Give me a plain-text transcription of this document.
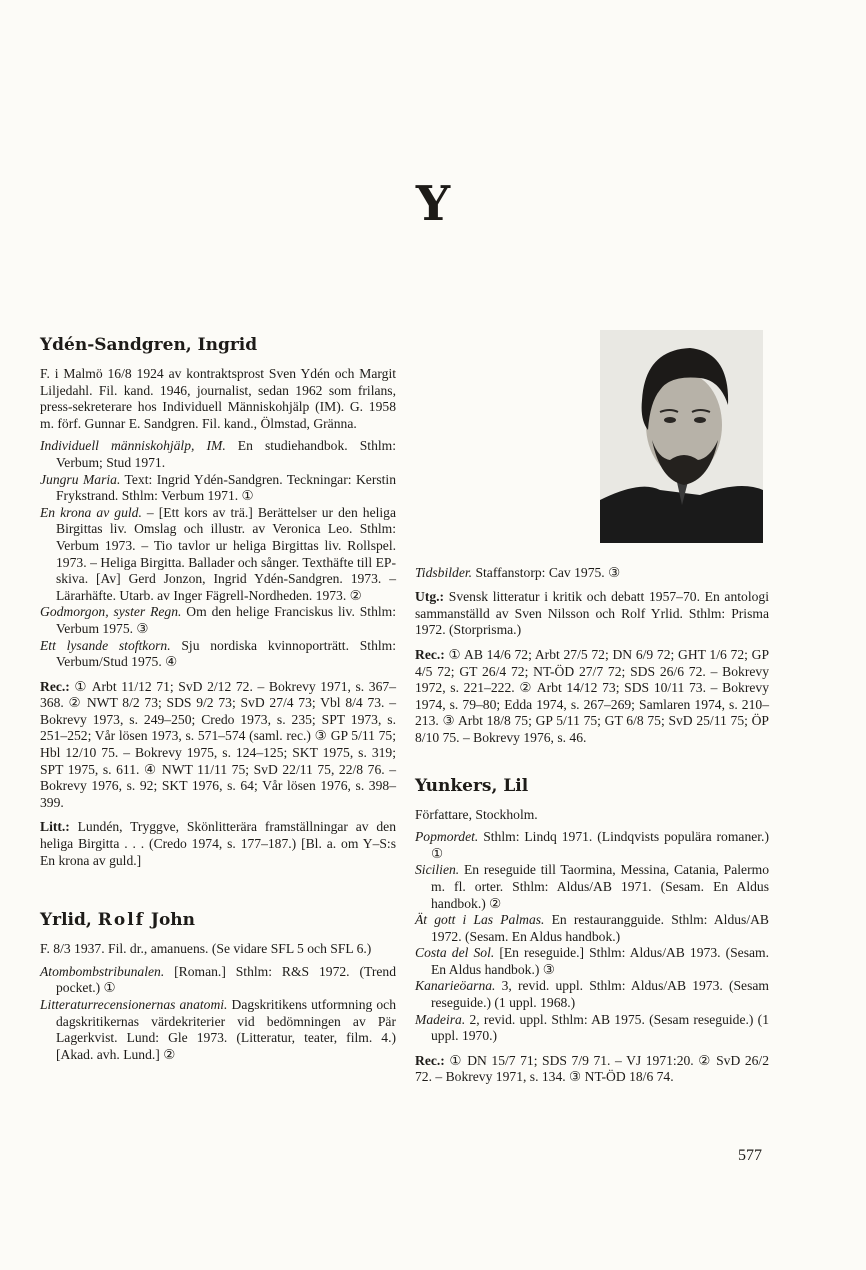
Y
Ydén-Sandgren, Ingrid

F. i Malmö 16/8 1924 av kontraktsprost Sven Ydén och Margit Liljedahl. Fil. kand. 1946, journalist, sedan 1962 som frilans, press-sekreterare hos Individuell Människohjälp (IM). G. 1958 m. förf. Gunnar E. Sandgren. Fil. kand., Ölmstad, Gränna.

Individuell människohjälp, IM. En studiehandbok. Sthlm: Verbum; Stud 1971.

Jungru Maria. Text: Ingrid Ydén-Sandgren. Teckningar: Kerstin Frykstrand. Sthlm: Verbum 1971. ①

En krona av guld. – [Ett kors av trä.] Berättelser ur den heliga Birgittas liv. Omslag och illustr. av Veronica Leo. Sthlm: Verbum 1973. – Tio tavlor ur heliga Birgittas liv. Rollspel. 1973. – Heliga Birgitta. Ballader och sånger. Texthäfte till EP-skiva. [Av] Gerd Jonzon, Ingrid Ydén-Sandgren. 1973. – Lärarhäfte. Utarb. av Inger Fägrell-Nordheden. 1973. ②

Godmorgon, syster Regn. Om den helige Franciskus liv. Sthlm: Verbum 1975. ③

Ett lysande stoftkorn. Sju nordiska kvinnoporträtt. Sthlm: Verbum/Stud 1975. ④

Rec.: ① Arbt 11/12 71; SvD 2/12 72. – Bokrevy 1971, s. 367–368. ② NWT 8/2 73; SDS 9/2 73; SvD 27/4 73; Vbl 8/4 73. – Bokrevy 1973, s. 249–250; Credo 1973, s. 235; SPT 1973, s. 251–252; Vår lösen 1973, s. 571–574 (saml. rec.) ③ GP 5/11 75; Hbl 12/10 75. – Bokrevy 1975, s. 124–125; SKT 1975, s. 319; SPT 1975, s. 611. ④ NWT 11/11 75; SvD 22/11 75, 22/8 76. – Bokrevy 1976, s. 92; SKT 1976, s. 64; Vår lösen 1976, s. 398–399.

Litt.: Lundén, Tryggve, Skönlitterära framställningar av den heliga Birgitta . . . (Credo 1974, s. 177–187.) [Bl. a. om Y–S:s En krona av guld.]

Yrlid, Rolf John

F. 8/3 1937. Fil. dr., amanuens. (Se vidare SFL 5 och SFL 6.)

Atombombstribunalen. [Roman.] Sthlm: R&S 1972. (Trend pocket.) ①

Litteraturrecensionernas anatomi. Dagskritikens utformning och dagskritikernas värdekriterier vid bedömningen av Pär Lagerkvist. Lund: Gle 1973. (Litteratur, teater, film. 4.) [Akad. avh. Lund.] ②

Tidsbilder. Staffanstorp: Cav 1975. ③

Utg.: Svensk litteratur i kritik och debatt 1957–70. En antologi sammanställd av Sven Nilsson och Rolf Yrlid. Sthlm: Prisma 1972. (Storprisma.)

Rec.: ① AB 14/6 72; Arbt 27/5 72; DN 6/9 72; GHT 1/6 72; GP 4/5 72; GT 26/4 72; NT-ÖD 27/7 72; SDS 26/6 72. – Bokrevy 1972, s. 221–222. ② Arbt 14/12 73; SDS 10/11 73. – Bokrevy 1974, s. 79–80; Edda 1974, s. 267–269; Samlaren 1974, s. 210–213. ③ Arbt 18/8 75; GP 5/11 75; GT 6/8 75; SvD 25/11 75; ÖP 8/10 75. – Bokrevy 1976, s. 46.

Yunkers, Lil

Författare, Stockholm.

Popmordet. Sthlm: Lindq 1971. (Lindqvists populära romaner.) ①

Sicilien. En reseguide till Taormina, Messina, Catania, Palermo m. fl. orter. Sthlm: Aldus/AB 1971. (Sesam. En Aldus handbok.) ②

Ät gott i Las Palmas. En restaurangguide. Sthlm: Aldus/AB 1972. (Sesam. En Aldus handbok.)

Costa del Sol. [En reseguide.] Sthlm: Aldus/AB 1973. (Sesam. En Aldus handbok.) ③

Kanarieöarna. 3, revid. uppl. Sthlm: Aldus/AB 1973. (Sesam reseguide.) (1 uppl. 1968.)

Madeira. 2, revid. uppl. Sthlm: AB 1975. (Sesam reseguide.) (1 uppl. 1970.)

Rec.: ① DN 15/7 71; SDS 7/9 71. – VJ 1971:20. ② SvD 26/2 72. – Bokrevy 1971, s. 134. ③ NT-ÖD 18/6 74.

577
